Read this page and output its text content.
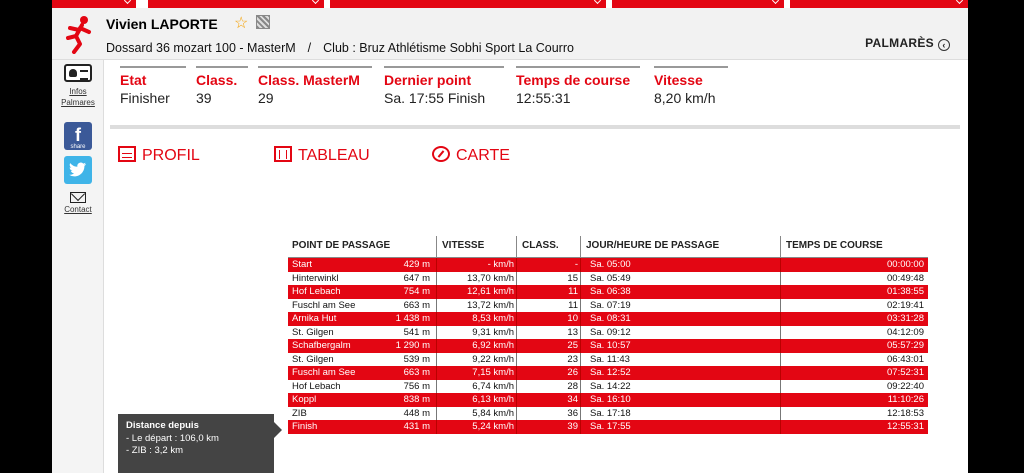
Vivien LAPORTE ☆
Dossard 36 mozart 100 - MasterM / Club : Bruz Athlétisme Sobhi Sport La Courro	PALMARÈS ‹
Infos Palmares
f
share
Contact
Etat
Finisher
Class.
39
Class. MasterM
29
Dernier point
Sa. 17:55 Finish
Temps de course
12:55:31
Vitesse
8,20 km/h
PROFIL	TABLEAU	CARTE
POINT DE PASSAGE	VITESSE	CLASS.	JOUR/HEURE DE PASSAGE	TEMPS DE COURSE
Start	429 m	- km/h	- Sa. 05:00	00:00:00
Hinterwinkl	647 m	13,70 km/h	15 Sa. 05:49	00:49:48
Hof Lebach	754 m	12,61 km/h	11 Sa. 06:38	01:38:55
Fuschl am See	663 m	13,72 km/h	11 Sa. 07:19	02:19:41
Arnika Hut	1 438 m	8,53 km/h	10 Sa. 08:31	03:31:28
St. Gilgen	541 m	9,31 km/h	13 Sa. 09:12	04:12:09
Schafbergalm	1 290 m	6,92 km/h	25 Sa. 10:57	05:57:29
St. Gilgen	539 m	9,22 km/h	23 Sa. 11:43	06:43:01
Fuschl am See	663 m	7,15 km/h	26 Sa. 12:52	07:52:31
Hof Lebach	756 m	6,74 km/h	28 Sa. 14:22	09:22:40
Koppl	838 m	6,13 km/h	34 Sa. 16:10	11:10:26
ZIB	448 m	5,84 km/h	36 Sa. 17:18	12:18:53
Finish	431 m	5,24 km/h	39 Sa. 17:55	12:55:31
Distance depuis
- Le départ : 106,0 km
- ZIB : 3,2 km
